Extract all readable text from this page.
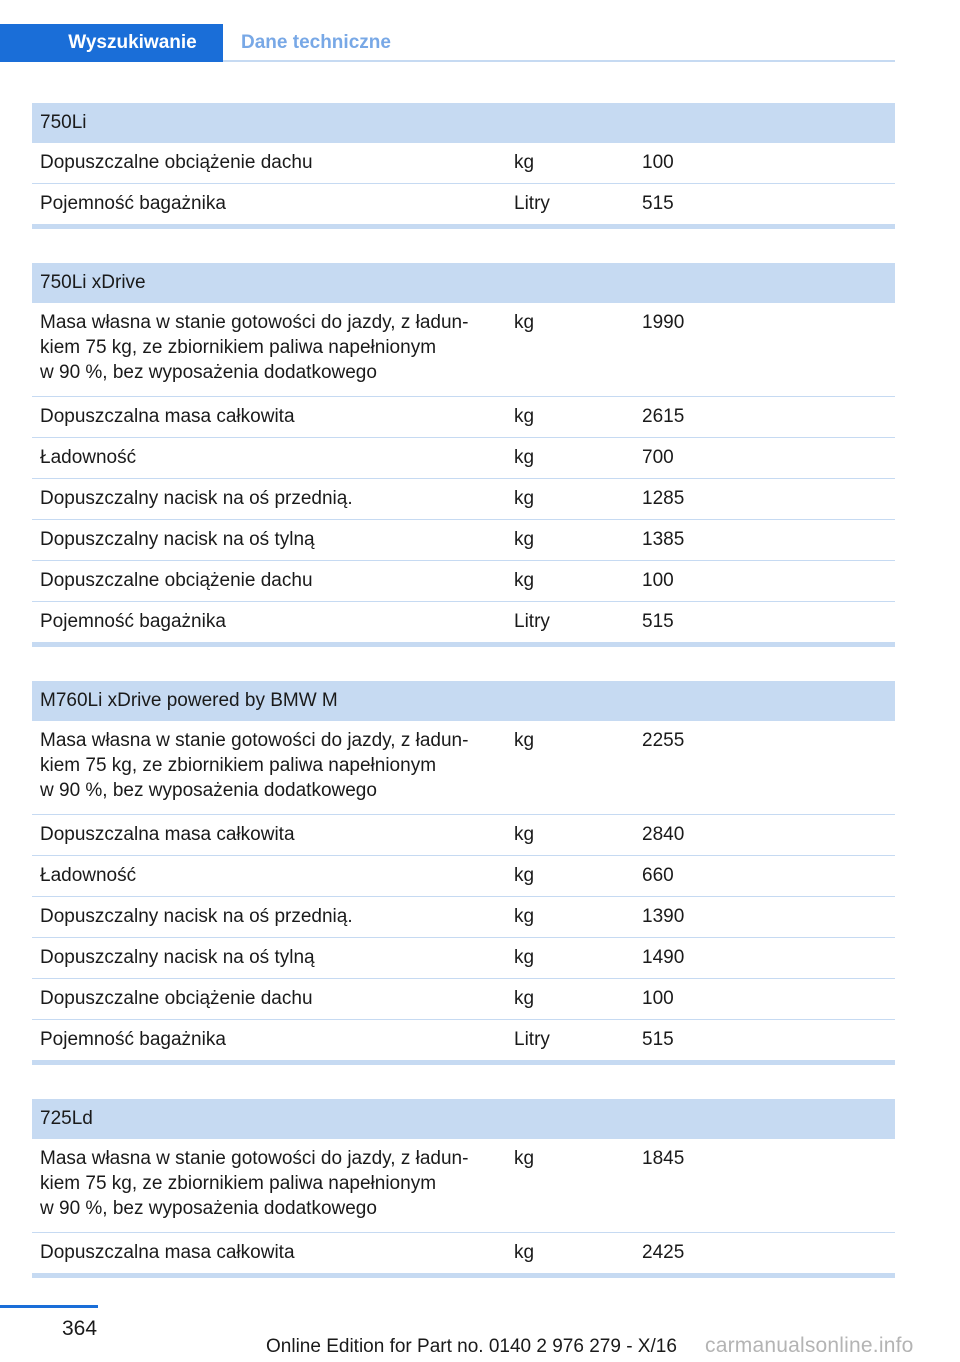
Wyszukiwanie	Dane techniczne
750Li
Dopuszczalne obciążenie dachu	kg	100
Pojemność bagażnika	Litry	515
750Li xDrive
Masa własna w stanie gotowości do jazdy, z ładun-
kiem 75 kg, ze zbiornikiem paliwa napełnionym
w 90 %, bez wyposażenia dodatkowego
kg	1990
Dopuszczalna masa całkowita	kg	2615
Ładowność	kg	700
Dopuszczalny nacisk na oś przednią.	kg	1285
Dopuszczalny nacisk na oś tylną	kg	1385
Dopuszczalne obciążenie dachu	kg	100
Pojemność bagażnika	Litry	515
M760Li xDrive powered by BMW M
Masa własna w stanie gotowości do jazdy, z ładun-
kiem 75 kg, ze zbiornikiem paliwa napełnionym
w 90 %, bez wyposażenia dodatkowego
kg	2255
Dopuszczalna masa całkowita	kg	2840
Ładowność	kg	660
Dopuszczalny nacisk na oś przednią.	kg	1390
Dopuszczalny nacisk na oś tylną	kg	1490
Dopuszczalne obciążenie dachu	kg	100
Pojemność bagażnika	Litry	515
725Ld
Masa własna w stanie gotowości do jazdy, z ładun-
kiem 75 kg, ze zbiornikiem paliwa napełnionym
w 90 %, bez wyposażenia dodatkowego
kg	1845
Dopuszczalna masa całkowita	kg	2425
364
Online Edition for Part no. 0140 2 976 279 - X/16 carmanualsonline.info
